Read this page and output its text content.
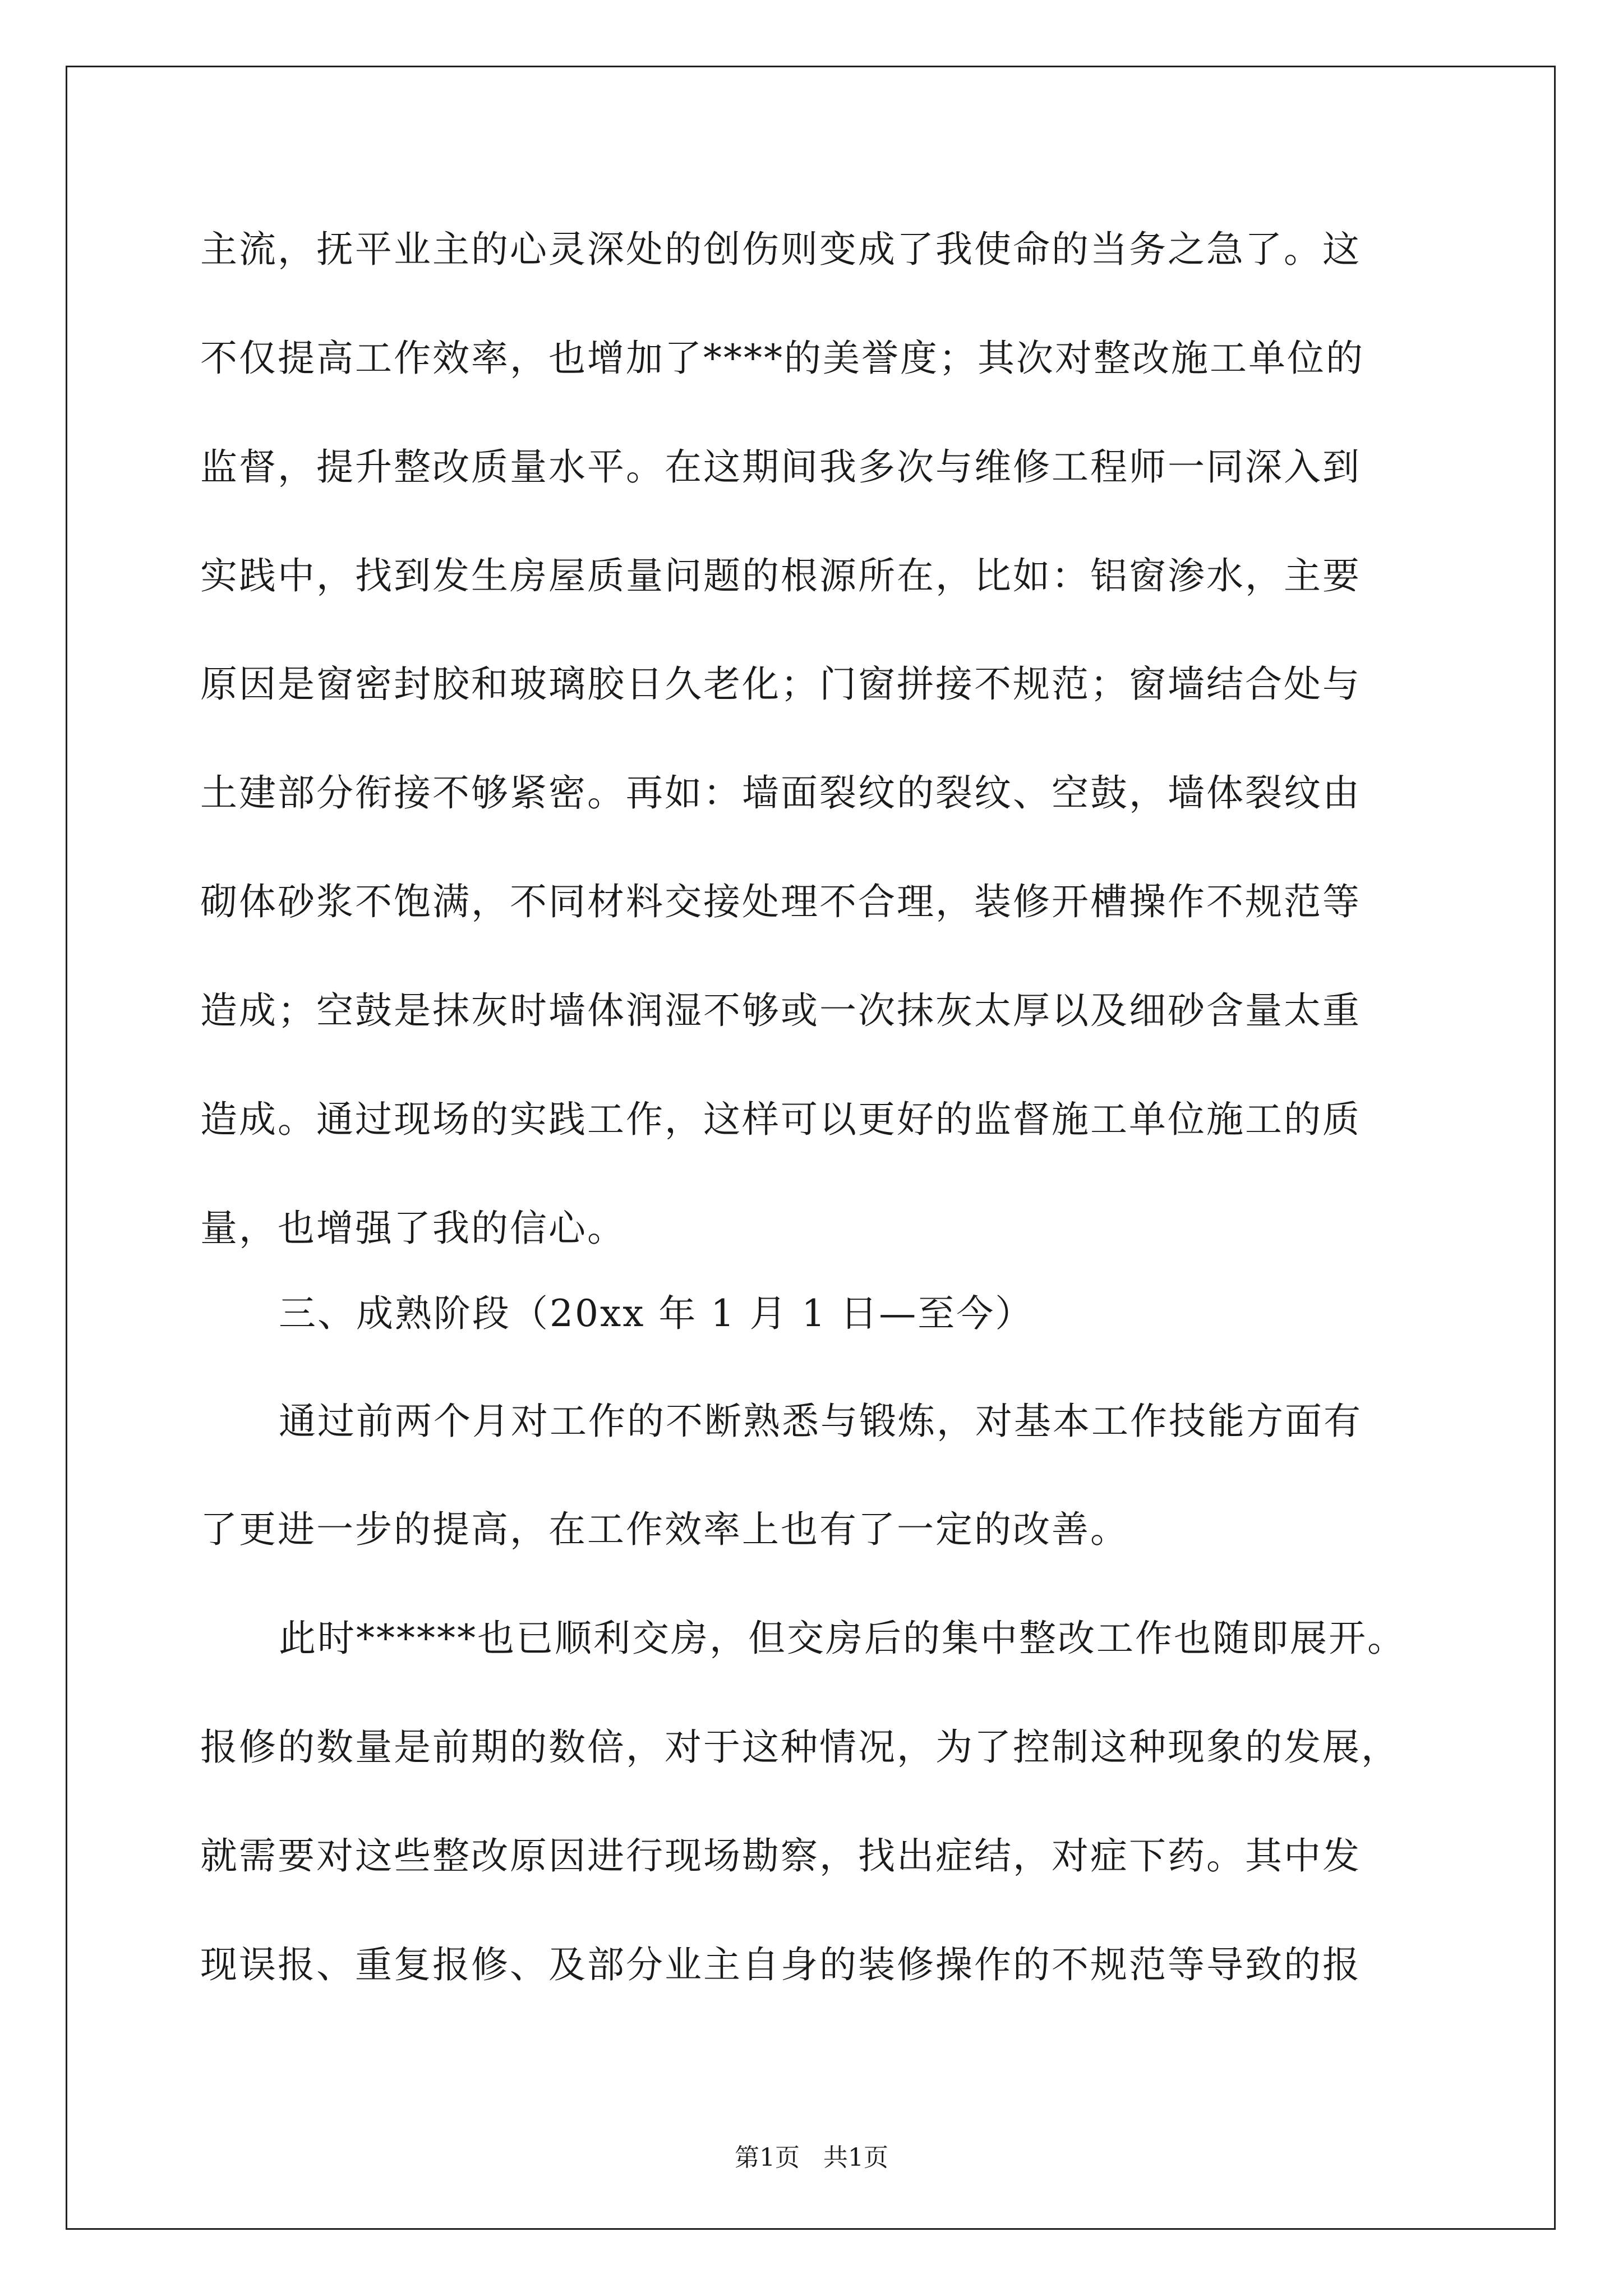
主流，抚平业主的心灵深处的创伤则变成了我使命的当务之急了。这
不仅提高工作效率，也增加了****的美誉度；其次对整改施工单位的
监督，提升整改质量水平。在这期间我多次与维修工程师一同深入到
实践中，找到发生房屋质量问题的根源所在，比如：铝窗渗水，主要
原因是窗密封胶和玻璃胶日久老化；门窗拼接不规范；窗墙结合处与
土建部分衔接不够紧密。再如：墙面裂纹的裂纹、空鼓，墙体裂纹由
砌体砂浆不饱满，不同材料交接处理不合理，装修开槽操作不规范等
造成；空鼓是抹灰时墙体润湿不够或一次抹灰太厚以及细砂含量太重
造成。通过现场的实践工作，这样可以更好的监督施工单位施工的质
量，也增强了我的信心。
三、成熟阶段（20xx 年 1 月 1 日—至今）
通过前两个月对工作的不断熟悉与锻炼，对基本工作技能方面有
了更进一步的提高，在工作效率上也有了一定的改善。
此时******也已顺利交房，但交房后的集中整改工作也随即展开。
报修的数量是前期的数倍，对于这种情况，为了控制这种现象的发展，
就需要对这些整改原因进行现场勘察，找出症结，对症下药。其中发
现误报、重复报修、及部分业主自身的装修操作的不规范等导致的报
第1页   共1页
